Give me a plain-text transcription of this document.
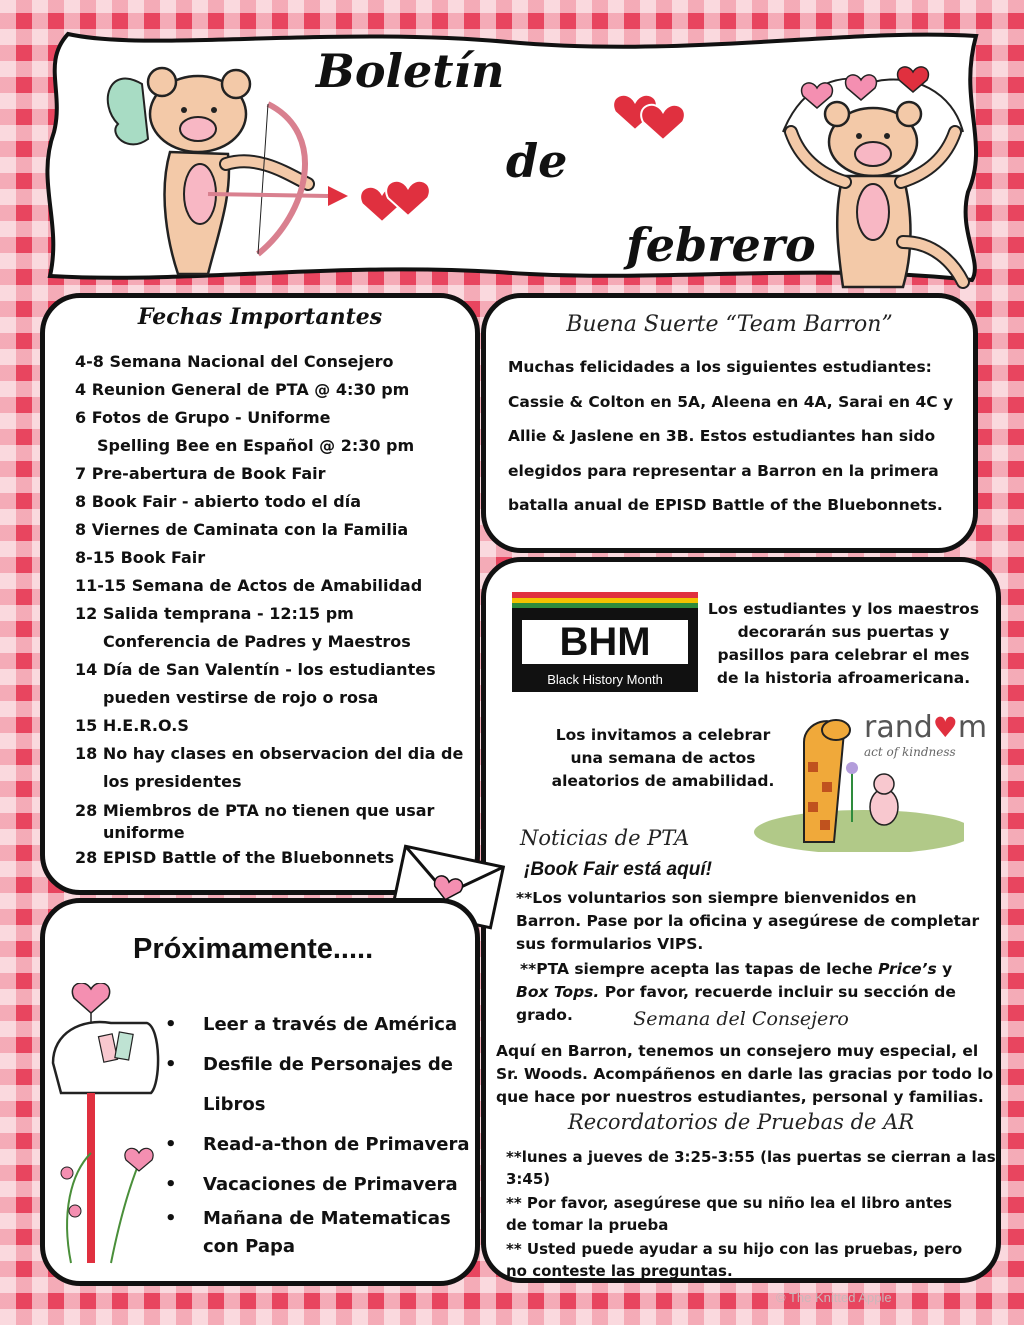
Boletín
de
febrero
Fechas Importantes
4-8 Semana Nacional del Consejero
4 Reunion General de PTA @ 4:30 pm
6 Fotos de Grupo - Uniforme
Spelling Bee en Español @ 2:30 pm
7 Pre-abertura de Book Fair
8 Book Fair - abierto todo el día
8 Viernes de Caminata con la Familia
8-15 Book Fair
11-15 Semana de Actos de Amabilidad
12 Salida temprana - 12:15 pm
Conferencia de Padres y Maestros
14 Día de San Valentín - los estudiantes
pueden vestirse de rojo o rosa
15 H.E.R.O.S
18 No hay clases en observacion del dia de
los presidentes
28 Miembros de PTA no tienen que usar
uniforme
28 EPISD Battle of the Bluebonnets
Buena Suerte “Team Barron”

Muchas felicidades a los siguientes estudiantes: Cassie & Colton en 5A, Aleena en 4A, Sarai en 4C y Allie & Jaslene en 3B. Estos estudiantes han sido elegidos para representar a Barron en la primera batalla anual de EPISD Battle of the Bluebonnets.

BHM
Black History Month

Los estudiantes y los maestros decorarán sus puertas y pasillos para celebrar el mes de la historia afroamericana.

Los invitamos a celebrar una semana de actos aleatorios de amabilidad.

rand♥m
act of kindness
Noticias de PTA
¡Book Fair está aquí!

**Los voluntarios son siempre bienvenidos en Barron. Pase por la oficina y asegúrese de completar sus formularios VIPS.

**PTA siempre acepta las tapas de leche Price’s y Box Tops. Por favor, recuerde incluir su sección de grado.	Semana del Consejero

Aquí en Barron, tenemos un consejero muy especial, el Sr. Woods. Acompáñenos en darle las gracias por todo lo que hace por nuestros estudiantes, personal y familias.

Recordatorios de Pruebas de AR

**lunes a jueves de 3:25-3:55 (las puertas se cierran a las 3:45)

** Por favor, asegúrese que su niño lea el libro antes de tomar la prueba

** Usted puede ayudar a su hijo con las pruebas, pero no conteste las preguntas.

Próximamente.....
• Leer a través de América
• Desfile de Personajes de Libros
• Read-a-thon de Primavera
• Vacaciones de Primavera
• Mañana de Matematicas con Papa
© The Knitted Apple
